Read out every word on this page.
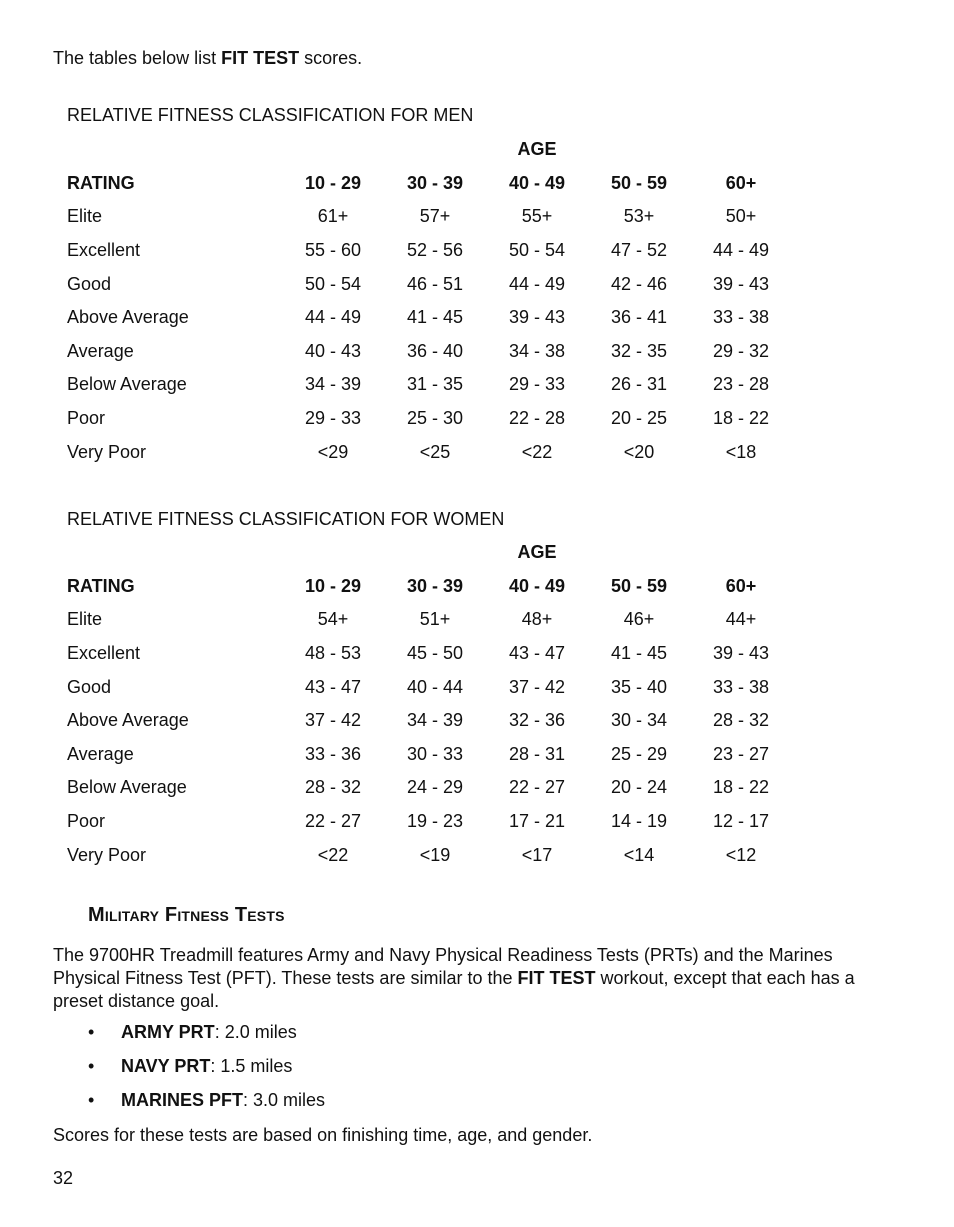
The tables below list FIT TEST scores.

RELATIVE FITNESS CLASSIFICATION FOR MEN
			AGE		
RATING	10 - 29	30 - 39	40 - 49	50 - 59	60+
Elite	61+	57+	55+	53+	50+
Excellent	55 - 60	52 - 56	50 - 54	47 - 52	44 - 49
Good	50 - 54	46 - 51	44 - 49	42 - 46	39 - 43
Above Average	44 - 49	41 - 45	39 - 43	36 - 41	33 - 38
Average	40 - 43	36 - 40	34 - 38	32 - 35	29 - 32
Below Average	34 - 39	31 - 35	29 - 33	26 - 31	23 - 28
Poor	29 - 33	25 - 30	22 - 28	20 - 25	18 - 22
Very Poor	<29	<25	<22	<20	<18
RELATIVE FITNESS CLASSIFICATION FOR WOMEN
			AGE		
RATING	10 - 29	30 - 39	40 - 49	50 - 59	60+
Elite	54+	51+	48+	46+	44+
Excellent	48 - 53	45 - 50	43 - 47	41 - 45	39 - 43
Good	43 - 47	40 - 44	37 - 42	35 - 40	33 - 38
Above Average	37 - 42	34 - 39	32 - 36	30 - 34	28 - 32
Average	33 - 36	30 - 33	28 - 31	25 - 29	23 - 27
Below Average	28 - 32	24 - 29	22 - 27	20 - 24	18 - 22
Poor	22 - 27	19 - 23	17 - 21	14 - 19	12 - 17
Very Poor	<22	<19	<17	<14	<12
Military Fitness Tests

The 9700HR Treadmill features Army and Navy Physical Readiness Tests (PRTs) and the Marines Physical Fitness Test (PFT). These tests are similar to the FIT TEST workout, except that each has a preset distance goal.

•	ARMY PRT: 2.0 miles
•	NAVY PRT: 1.5 miles
•	MARINES PFT: 3.0 miles

Scores for these tests are based on finishing time, age, and gender.

32
